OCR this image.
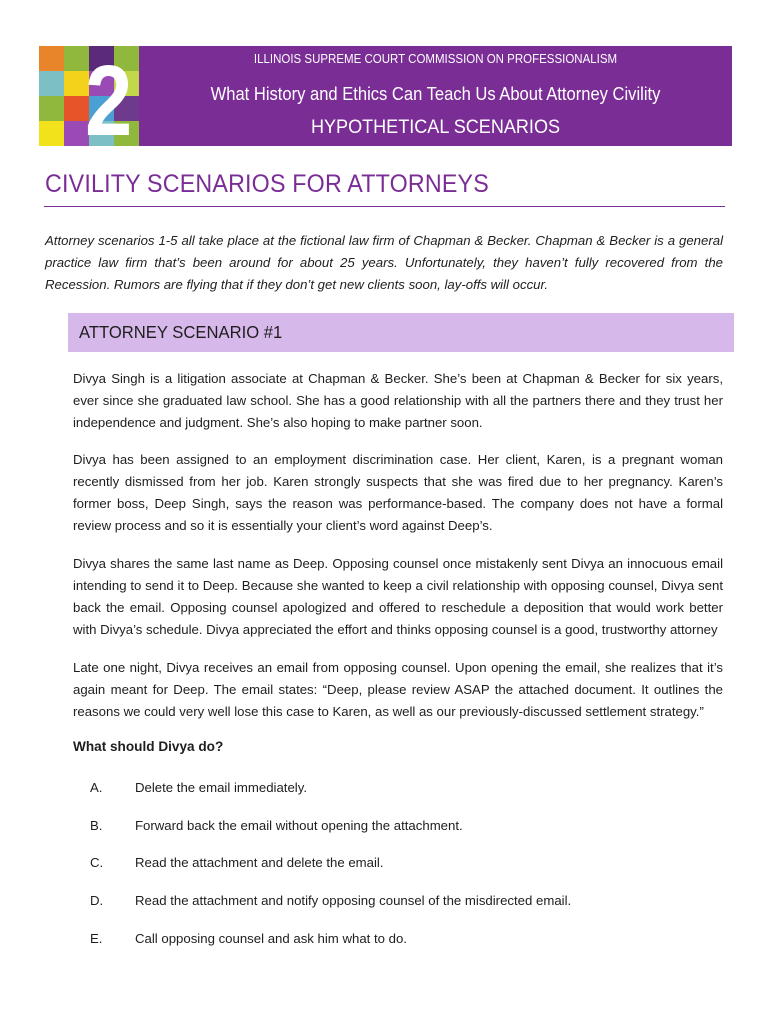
2	ILLINOIS SUPREME COURT COMMISSION ON PROFESSIONALISM
What History and Ethics Can Teach Us About Attorney Civility
HYPOTHETICAL SCENARIOS
CIVILITY SCENARIOS FOR ATTORNEYS
Attorney scenarios 1-5 all take place at the fictional law firm of Chapman & Becker. Chapman & Becker is a general practice law firm that’s been around for about 25 years. Unfortunately, they haven’t fully recovered from the Recession. Rumors are flying that if they don’t get new clients soon, lay-offs will occur.
ATTORNEY SCENARIO #1
Divya Singh is a litigation associate at Chapman & Becker. She’s been at Chapman & Becker for six years, ever since she graduated law school. She has a good relationship with all the partners there and they trust her independence and judgment. She’s also hoping to make partner soon.
Divya has been assigned to an employment discrimination case. Her client, Karen, is a pregnant woman recently dismissed from her job. Karen strongly suspects that she was fired due to her pregnancy. Karen’s former boss, Deep Singh, says the reason was performance-based. The company does not have a formal review process and so it is essentially your client’s word against Deep’s.
Divya shares the same last name as Deep. Opposing counsel once mistakenly sent Divya an innocuous email intending to send it to Deep. Because she wanted to keep a civil relationship with opposing counsel, Divya sent back the email. Opposing counsel apologized and offered to reschedule a deposition that would work better with Divya’s schedule. Divya appreciated the effort and thinks opposing counsel is a good, trustworthy attorney
Late one night, Divya receives an email from opposing counsel. Upon opening the email, she realizes that it’s again meant for Deep. The email states: “Deep, please review ASAP the attached document. It outlines the reasons we could very well lose this case to Karen, as well as our previously-discussed settlement strategy.”
What should Divya do?
A. Delete the email immediately.
B. Forward back the email without opening the attachment.
C. Read the attachment and delete the email.
D. Read the attachment and notify opposing counsel of the misdirected email.
E. Call opposing counsel and ask him what to do.
